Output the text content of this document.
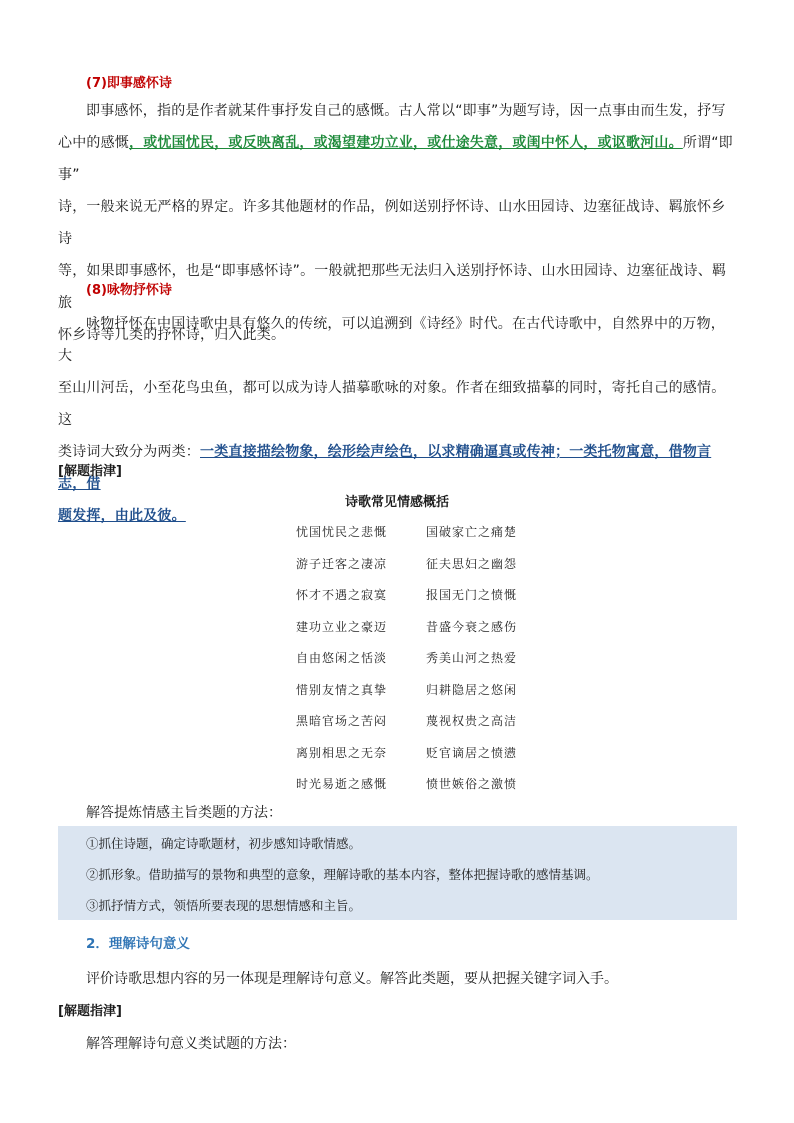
(7)即事感怀诗
即事感怀，指的是作者就某件事抒发自己的感慨。古人常以“即事”为题写诗，因一点事由而生发，抒写
心中的感慨，或忧国忧民，或反映离乱，或渴望建功立业，或仕途失意，或闺中怀人，或讴歌河山。所谓“即事”
诗，一般来说无严格的界定。许多其他题材的作品，例如送别抒怀诗、山水田园诗、边塞征战诗、羁旅怀乡诗
等，如果即事感怀，也是“即事感怀诗”。一般就把那些无法归入送别抒怀诗、山水田园诗、边塞征战诗、羁旅
怀乡诗等几类的抒怀诗，归入此类。
(8)咏物抒怀诗
咏物抒怀在中国诗歌中具有悠久的传统，可以追溯到《诗经》时代。在古代诗歌中，自然界中的万物，大
至山川河岳，小至花鸟虫鱼，都可以成为诗人描摹歌咏的对象。作者在细致描摹的同时，寄托自己的感情。这
类诗词大致分为两类：一类直接描绘物象，绘形绘声绘色，以求精确逼真或传神；一类托物寓意，借物言志，借
题发挥，由此及彼。
[解题指津]
诗歌常见情感概括
忧国忧民之悲慨	国破家亡之痛楚
游子迁客之凄凉	征夫思妇之幽怨
怀才不遇之寂寞	报国无门之愤慨
建功立业之豪迈	昔盛今衰之感伤
自由悠闲之恬淡	秀美山河之热爱
惜别友情之真挚	归耕隐居之悠闲
黑暗官场之苦闷	蔑视权贵之高洁
离别相思之无奈	贬官谪居之愤懑
时光易逝之感慨	愤世嫉俗之激愤
解答提炼情感主旨类题的方法：
①抓住诗题，确定诗歌题材，初步感知诗歌情感。
②抓形象。借助描写的景物和典型的意象，理解诗歌的基本内容，整体把握诗歌的感情基调。
③抓抒情方式，领悟所要表现的思想情感和主旨。
2．理解诗句意义
评价诗歌思想内容的另一体现是理解诗句意义。解答此类题，要从把握关键字词入手。
[解题指津]
解答理解诗句意义类试题的方法：
